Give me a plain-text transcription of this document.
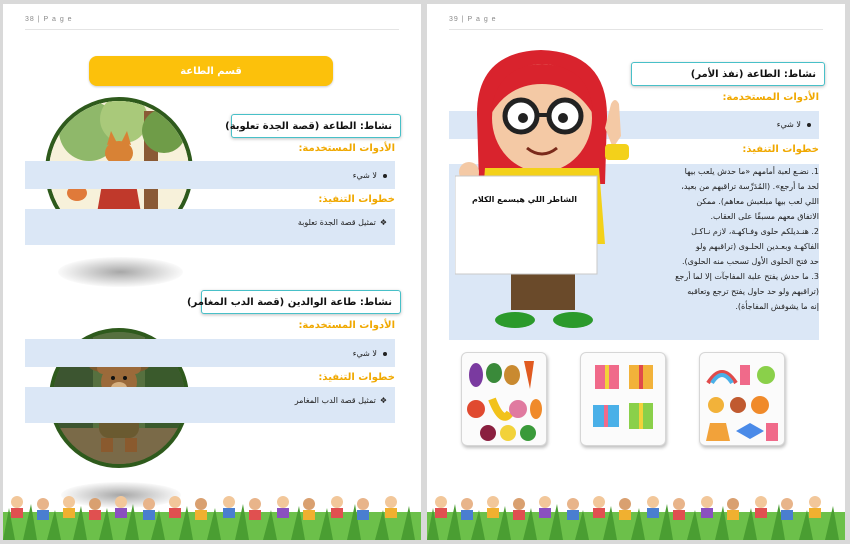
38 | P a g e
قسم الطاعة
نشاط: الطاعة (قصة الجدة تعلوبة)
الأدوات المستخدمة:
لا شيء
خطوات التنفيذ:
❖تمثيل قصة الجدة تعلوبة
نشاط: طاعة الوالدين (قصة الدب المغامر)
الأدوات المستخدمة:
لا شيء
خطوات التنفيذ:
❖تمثيل قصة الدب المغامر
39 | P a g e
نشاط: الطاعة (نفذ الأمر)
الأدوات المستخدمة:
لا شيء
خطوات التنفيذ:
1. نضـع لعبة أمامهم «ما حدش يلعب بيها
لحد ما أرجع». (المُدَرِّسة تراقبهم من بعيد،
اللي لعب بيها مبلعبش معاهم). ممكن
الاتفاق معهم مسبقًا على العقاب.
2. هنـديلكم حلوى وفـاكهـة، لازم نـاكـل
الفاكهـة وبعـدين الحلـوى (تراقبهم ولو
حد فتح الحلوى الأول تسحب منه الحلوى).
3. ما حدش يفتح علبة المفاجآت إلا لما أرجع
(تراقبهم ولو حد حاول يفتح ترجع وتعاقبه
إنه ما يشوفش المفاجأة).
الشاطر اللي هيسمع الكلام
